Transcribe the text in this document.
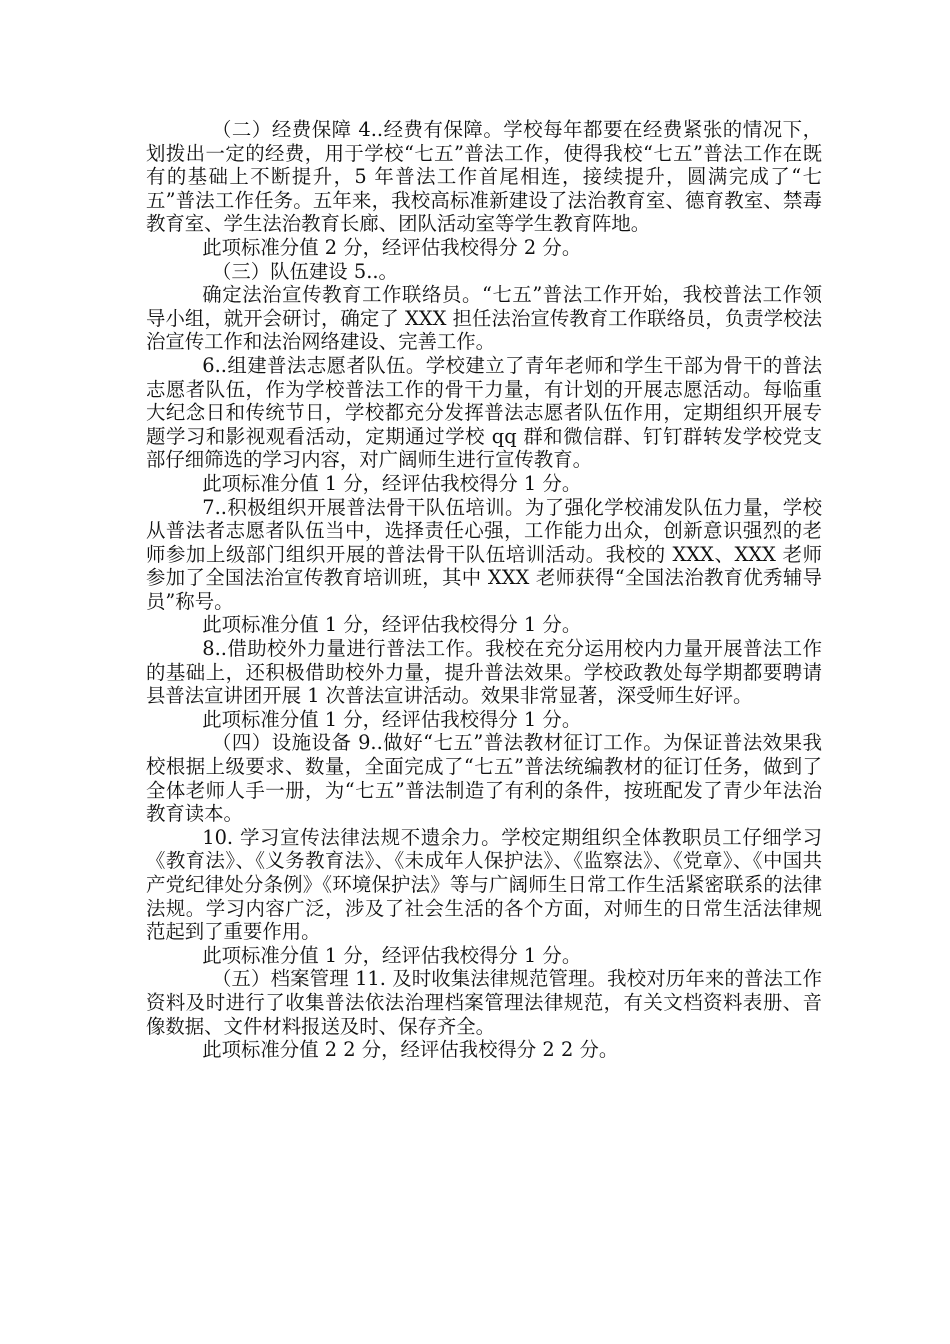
（二）经费保障 4..经费有保障。学校每年都要在经费紧张的情况下，划拨出一定的经费，用于学校“七五”普法工作，使得我校“七五”普法工作在既有的基础上不断提升，5 年普法工作首尾相连，接续提升，圆满完成了“七五”普法工作任务。五年来，我校高标准新建设了法治教育室、德育教室、禁毒教育室、学生法治教育长廊、团队活动室等学生教育阵地。

此项标准分值 2 分，经评估我校得分 2 分。

（三）队伍建设 5..。

确定法治宣传教育工作联络员。“七五”普法工作开始，我校普法工作领导小组，就开会研讨，确定了 XXX 担任法治宣传教育工作联络员，负责学校法治宣传工作和法治网络建设、完善工作。

6..组建普法志愿者队伍。学校建立了青年老师和学生干部为骨干的普法志愿者队伍，作为学校普法工作的骨干力量，有计划的开展志愿活动。每临重大纪念日和传统节日，学校都充分发挥普法志愿者队伍作用，定期组织开展专题学习和影视观看活动，定期通过学校 qq 群和微信群、钉钉群转发学校党支部仔细筛选的学习内容，对广阔师生进行宣传教育。

此项标准分值 1 分，经评估我校得分 1 分。

7..积极组织开展普法骨干队伍培训。为了强化学校浦发队伍力量，学校从普法者志愿者队伍当中，选择责任心强，工作能力出众，创新意识强烈的老师参加上级部门组织开展的普法骨干队伍培训活动。我校的 XXX、XXX 老师参加了全国法治宣传教育培训班，其中 XXX 老师获得“全国法治教育优秀辅导员”称号。

此项标准分值 1 分，经评估我校得分 1 分。

8..借助校外力量进行普法工作。我校在充分运用校内力量开展普法工作的基础上，还积极借助校外力量，提升普法效果。学校政教处每学期都要聘请县普法宣讲团开展 1 次普法宣讲活动。效果非常显著，深受师生好评。

此项标准分值 1 分，经评估我校得分 1 分。

（四）设施设备 9..做好“七五”普法教材征订工作。为保证普法效果我校根据上级要求、数量，全面完成了“七五”普法统编教材的征订任务，做到了全体老师人手一册，为“七五”普法制造了有利的条件，按班配发了青少年法治教育读本。

10. 学习宣传法律法规不遗余力。学校定期组织全体教职员工仔细学习《教育法》、《义务教育法》、《未成年人保护法》、《监察法》、《党章》、《中国共产党纪律处分条例》《环境保护法》等与广阔师生日常工作生活紧密联系的法律法规。学习内容广泛，涉及了社会生活的各个方面，对师生的日常生活法律规范起到了重要作用。

此项标准分值 1 分，经评估我校得分 1 分。

（五）档案管理 11. 及时收集法律规范管理。我校对历年来的普法工作资料及时进行了收集普法依法治理档案管理法律规范，有关文档资料表册、音像数据、文件材料报送及时、保存齐全。

此项标准分值 2 2 分，经评估我校得分 2 2 分。
